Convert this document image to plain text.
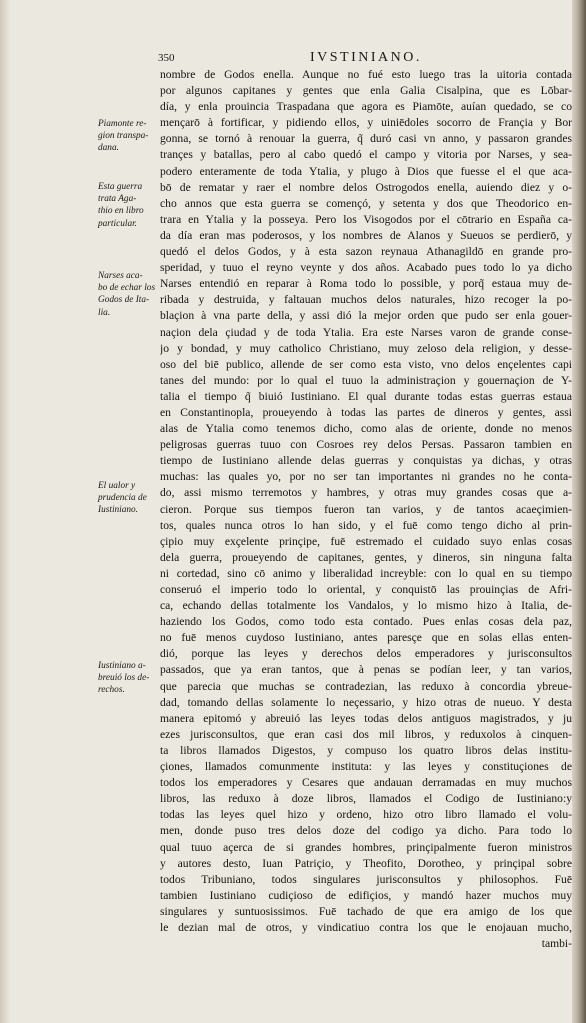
350	IVSTINIANO.
Piamonte re-
gion transpa-
dana.
Esta guerra
trata Aga-
thio en libro
particular.
Narses aca-
bo de echar los
Godos de Ita-
lia.
El ualor y
prudencia de
Iustiniano.
Iustiniano a-
breuió los de-
rechos.
nombre de Godos enella. Aunque no fué esto luego tras la uitoria contada
por algunos capitanes y gentes que enla Galia Cisalpina, que es Lōbar-
día, y enla prouincia Traspadana que agora es Piamōte, auían quedado, se co
mençarō à fortificar, y pidiendo ellos, y uiniēdoles socorro de Françia y Bor
gonna, se tornó à renouar la guerra, q̃ duró casi vn anno, y passaron grandes
trançes y batallas, pero al cabo quedó el campo y vitoria por Narses, y sea-
podero enteramente de toda Ytalia, y plugo à Dios que fuesse el el que aca-
bō de rematar y raer el nombre delos Ostrogodos enella, auiendo diez y o-
cho annos que esta guerra se començó, y setenta y dos que Theodorico en-
trara en Ytalia y la posseya. Pero los Visogodos por el cōtrario en España ca-
da día eran mas poderosos, y los nombres de Alanos y Sueuos se perdierō, y
quedó el delos Godos, y à esta sazon reynaua Athanagildō en grande pro-
speridad, y tuuo el reyno veynte y dos años. Acabado pues todo lo ya dicho
Narses entendió en reparar à Roma todo lo possible, y porq̃ estaua muy de-
ribada y destruida, y faltauan muchos delos naturales, hizo recoger la po-
blaçion à vna parte della, y assi dió la mejor orden que pudo ser enla gouer-
naçion dela çiudad y de toda Ytalia. Era este Narses varon de grande conse-
jo y bondad, y muy catholico Christiano, muy zeloso dela religion, y desse-
oso del biē publico, allende de ser como esta visto, vno delos ençelentes capi
tanes del mundo: por lo qual el tuuo la administraçion y gouernaçion de Y-
talia el tiempo q̃ biuió Iustiniano. El qual durante todas estas guerras estaua
en Constantinopla, proueyendo à todas las partes de dineros y gentes, assi
alas de Ytalia como tenemos dicho, como alas de oriente, donde no menos
peligrosas guerras tuuo con Cosroes rey delos Persas. Passaron tambien en
tiempo de Iustiniano allende delas guerras y conquistas ya dichas, y otras
muchas: las quales yo, por no ser tan importantes ni grandes no he conta-
do, assi mismo terremotos y hambres, y otras muy grandes cosas que a-
cieron. Porque sus tiempos fueron tan varios, y de tantos acaeçimien-
tos, quales nunca otros lo han sido, y el fuē como tengo dicho al prin-
çipio muy exçelente prinçipe, fuē estremado el cuidado suyo enlas cosas
dela guerra, proueyendo de capitanes, gentes, y dineros, sin ninguna falta
ni cortedad, sino cō animo y liberalidad increyble: con lo qual en su tiempo
conseruó el imperio todo lo oriental, y conquistō las prouinçias de Afri-
ca, echando dellas totalmente los Vandalos, y lo mismo hizo à Italia, de-
haziendo los Godos, como todo esta contado. Pues enlas cosas dela paz,
no fuē menos cuydoso Iustiniano, antes paresçe que en solas ellas enten-
dió, porque las leyes y derechos delos emperadores y jurisconsultos
passados, que ya eran tantos, que à penas se podían leer, y tan varios,
que parecia que muchas se contradezian, las reduxo à concordia ybreue-
dad, tomando dellas solamente lo neçessario, y hizo otras de nueuo. Y desta
manera epitomó y abreuió las leyes todas delos antiguos magistrados, y ju
ezes jurisconsultos, que eran casi dos mil libros, y reduxolos à cinquen-
ta libros llamados Digestos, y compuso los quatro libros delas institu-
çiones, llamados comunmente instituta: y las leyes y constituçiones de
todos los emperadores y Cesares que andauan derramadas en muy muchos
libros, las reduxo à doze libros, llamados el Codigo de Iustiniano:y
todas las leyes quel hizo y ordeno, hizo otro libro llamado el volu-
men, donde puso tres delos doze del codigo ya dicho. Para todo lo
qual tuuo açerca de si grandes hombres, prinçipalmente fueron ministros
y autores desto, Iuan Patriçio, y Theofito, Dorotheo, y prinçipal sobre
todos Tribuniano, todos singulares jurisconsultos y philosophos. Fuē
tambien Iustiniano cudiçioso de edifiçios, y mandó hazer muchos muy
singulares y suntuosissimos. Fuē tachado de que era amigo de los que
le dezian mal de otros, y vindicatiuo contra los que le enojauan mucho,
tambi-
